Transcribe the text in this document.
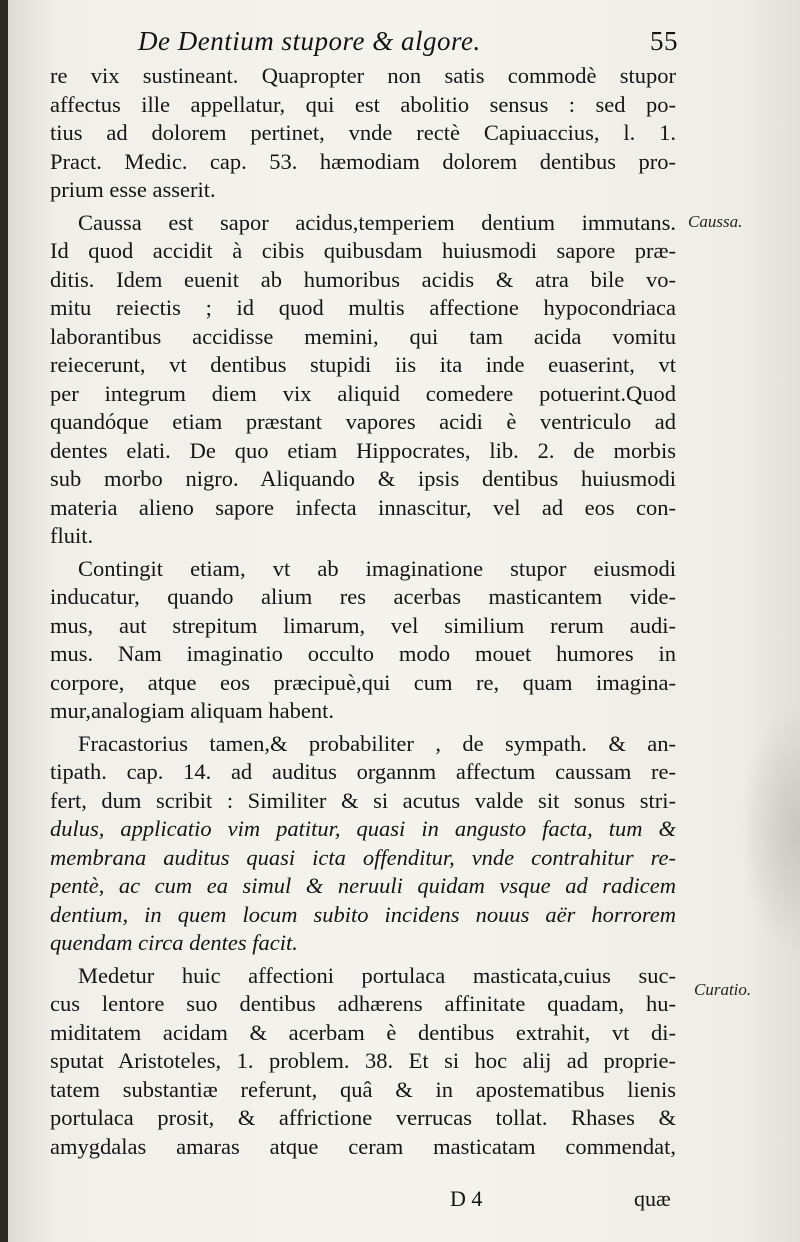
De Dentium stupore & algore.	55
re vix sustineant. Quapropter non satis commodè stupor
affectus ille appellatur, qui est abolitio sensus : sed po-
tius ad dolorem pertinet, vnde rectè Capiuaccius, l. 1.
Pract. Medic. cap. 53. hæmodiam dolorem dentibus pro-
prium esse asserit.
Caussa est sapor acidus,temperiem dentium immutans.
Id quod accidit à cibis quibusdam huiusmodi sapore præ-
ditis. Idem euenit ab humoribus acidis & atra bile vo-
mitu reiectis ; id quod multis affectione hypocondriaca
laborantibus accidisse memini, qui tam acida vomitu
reiecerunt, vt dentibus stupidi iis ita inde euaserint, vt
per integrum diem vix aliquid comedere potuerint.Quod
quandóque etiam præstant vapores acidi è ventriculo ad
dentes elati. De quo etiam Hippocrates, lib. 2. de morbis
sub morbo nigro. Aliquando & ipsis dentibus huiusmodi
materia alieno sapore infecta innascitur, vel ad eos con-
fluit.
Contingit etiam, vt ab imaginatione stupor eiusmodi
inducatur, quando alium res acerbas masticantem vide-
mus, aut strepitum limarum, vel similium rerum audi-
mus. Nam imaginatio occulto modo mouet humores in
corpore, atque eos præcipuè,qui cum re, quam imagina-
mur,analogiam aliquam habent.
Fracastorius tamen,& probabiliter , de sympath. & an-
tipath. cap. 14. ad auditus organnm affectum caussam re-
fert, dum scribit : Similiter & si acutus valde sit sonus stri-
dulus, applicatio vim patitur, quasi in angusto facta, tum &
membrana auditus quasi icta offenditur, vnde contrahitur re-
pentè, ac cum ea simul & neruuli quidam vsque ad radicem
dentium, in quem locum subito incidens nouus aër horrorem
quendam circa dentes facit.
Medetur huic affectioni portulaca masticata,cuius suc-
cus lentore suo dentibus adhærens affinitate quadam, hu-
miditatem acidam & acerbam è dentibus extrahit, vt di-
sputat Aristoteles, 1. problem. 38. Et si hoc alij ad proprie-
tatem substantiæ referunt, quâ & in apostematibus lienis
portulaca prosit, & affrictione verrucas tollat. Rhases &
amygdalas amaras atque ceram masticatam commendat,
Caussa.
Curatio.
D 4	quæ
